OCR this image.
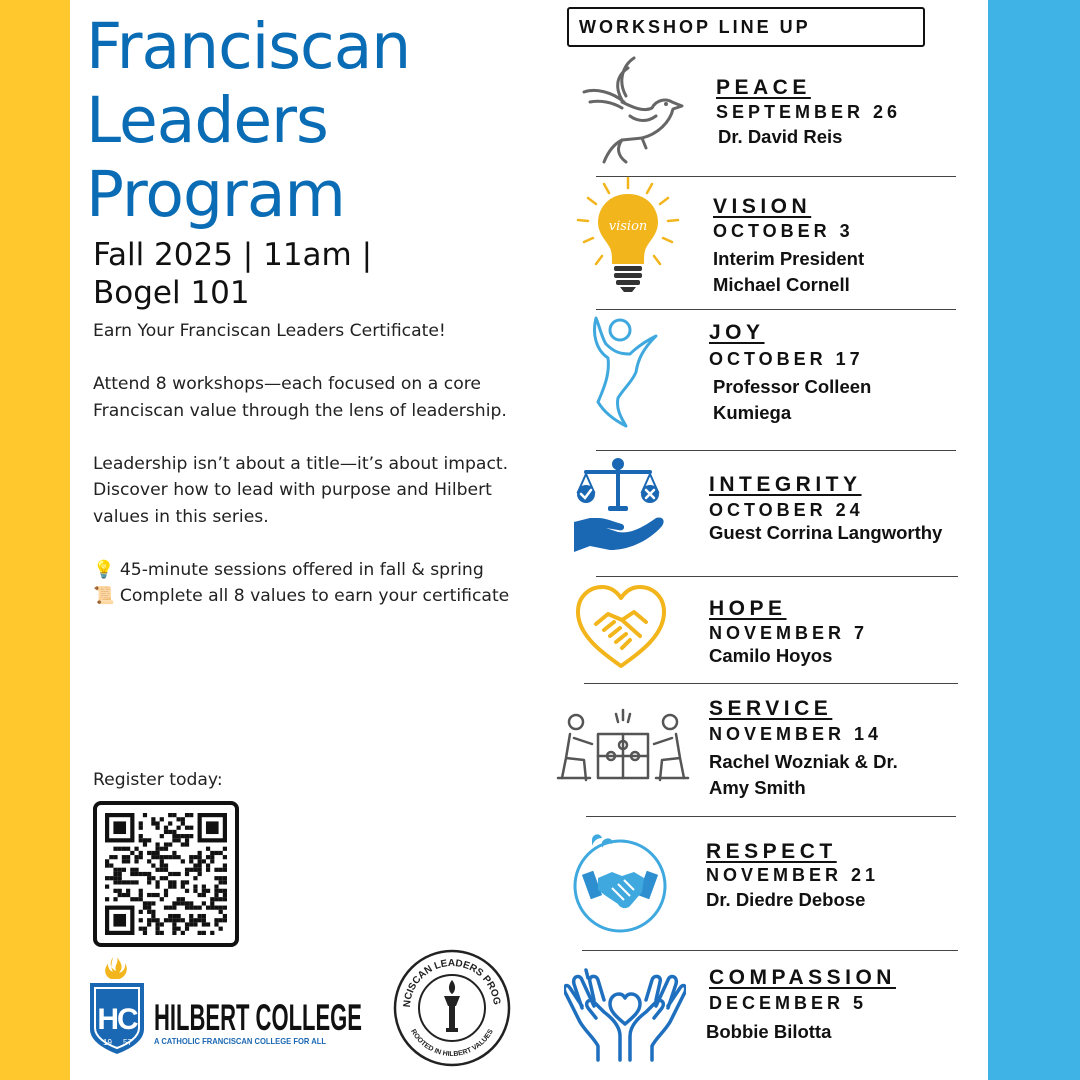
Franciscan
Leaders
Program
Fall 2025 | 11am |
Bogel 101

Earn Your Franciscan Leaders Certificate!

Attend 8 workshops—each focused on a core Franciscan value through the lens of leadership.

Leadership isn’t about a title—it’s about impact. Discover how to lead with purpose and Hilbert values in this series.

💡 45-minute sessions offered in fall & spring

📜 Complete all 8 values to earn your certificate

Register today:
HC
19 57
HILBERT COLLEGE
A CATHOLIC FRANCISCAN COLLEGE FOR ALL
NCISCAN LEADERS PROG
ROOTED IN HILBERT VALUES
WORKSHOP LINE UP
PEACE
SEPTEMBER 26
Dr. David Reis
vision
VISION
OCTOBER 3
Interim President Michael Cornell
JOY
OCTOBER 17
Professor Colleen Kumiega
INTEGRITY
OCTOBER 24
Guest Corrina Langworthy
HOPE
NOVEMBER 7
Camilo Hoyos
SERVICE
NOVEMBER 14
Rachel Wozniak & Dr. Amy Smith
RESPECT
NOVEMBER 21
Dr. Diedre Debose
COMPASSION
DECEMBER 5
Bobbie Bilotta
